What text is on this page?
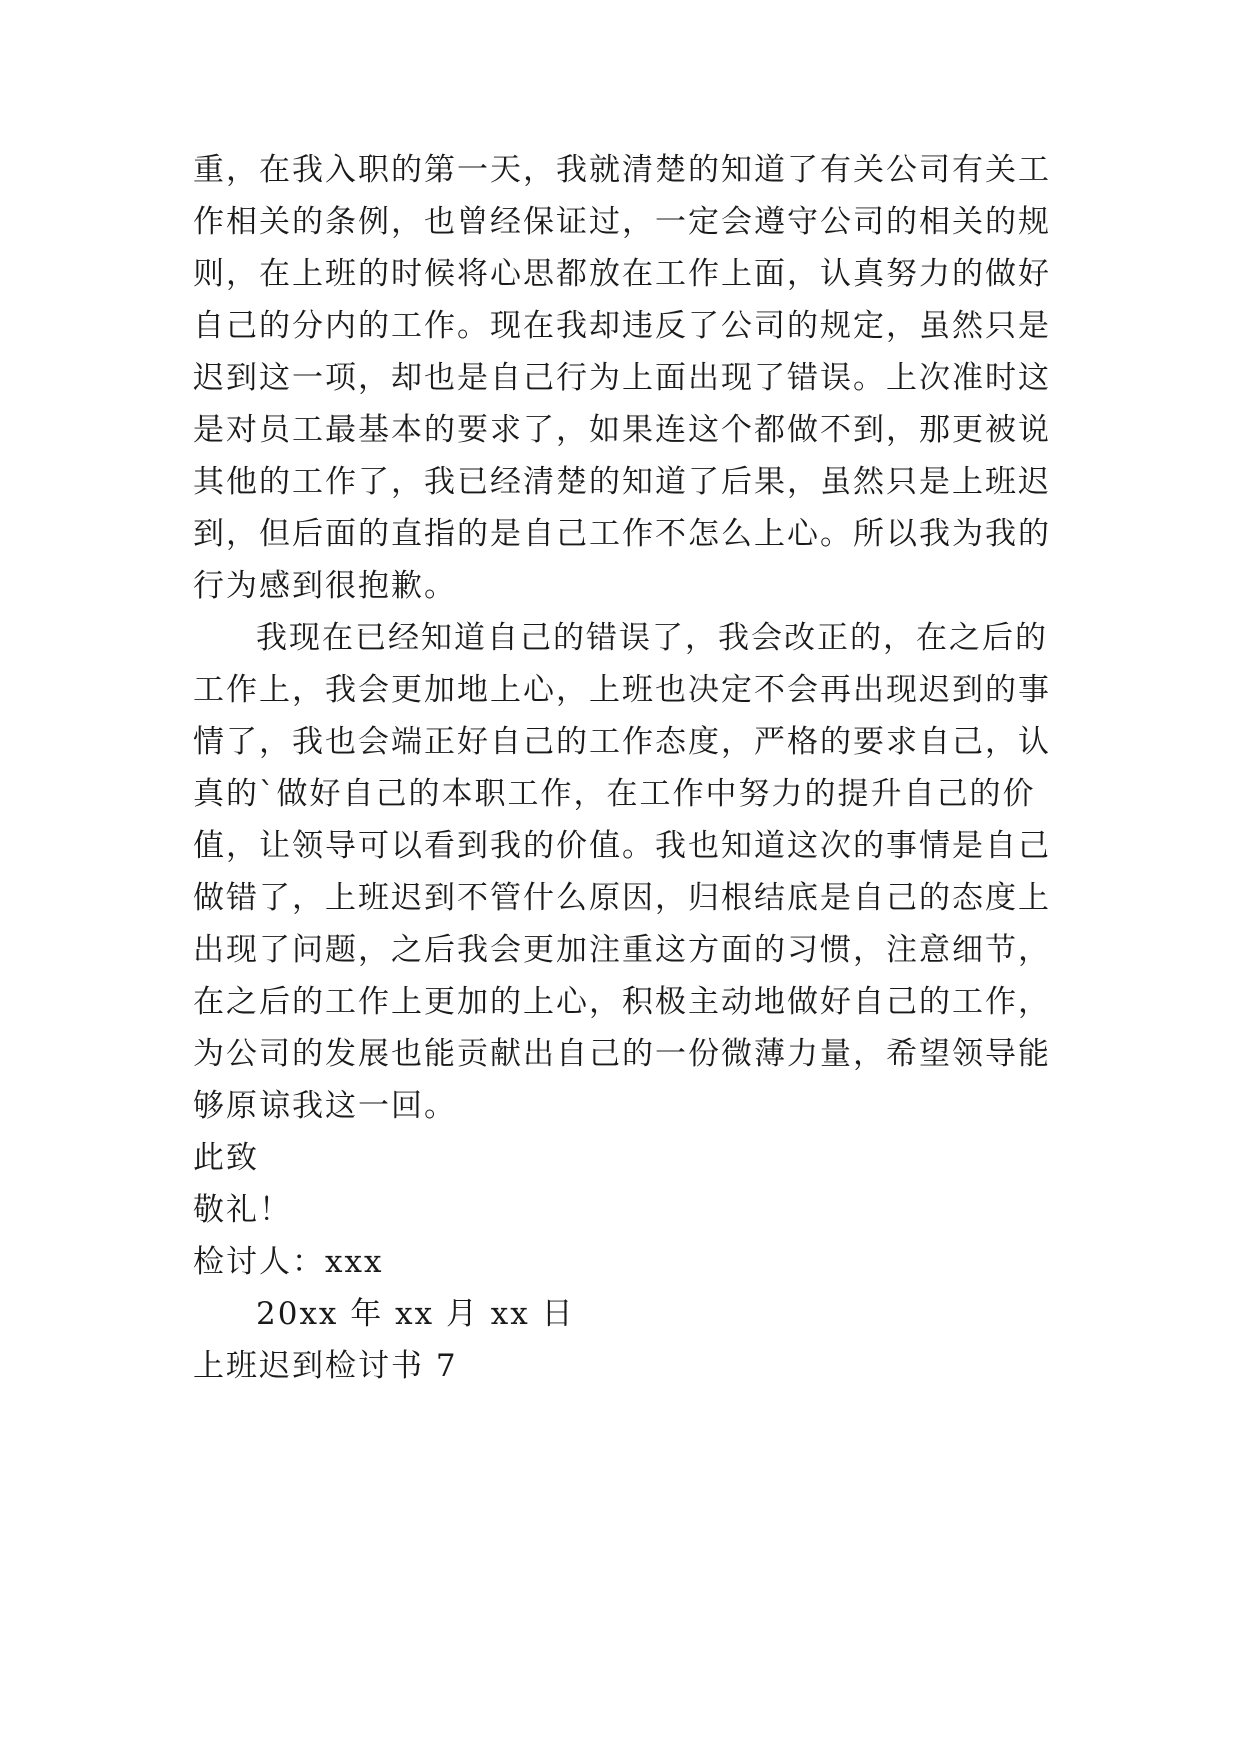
重，在我入职的第一天，我就清楚的知道了有关公司有关工
作相关的条例，也曾经保证过，一定会遵守公司的相关的规
则，在上班的时候将心思都放在工作上面，认真努力的做好
自己的分内的工作。现在我却违反了公司的规定，虽然只是
迟到这一项，却也是自己行为上面出现了错误。上次准时这
是对员工最基本的要求了，如果连这个都做不到，那更被说
其他的工作了，我已经清楚的知道了后果，虽然只是上班迟
到，但后面的直指的是自己工作不怎么上心。所以我为我的
行为感到很抱歉。
我现在已经知道自己的错误了，我会改正的，在之后的
工作上，我会更加地上心，上班也决定不会再出现迟到的事
情了，我也会端正好自己的工作态度，严格的要求自己，认
真的`做好自己的本职工作，在工作中努力的提升自己的价
值，让领导可以看到我的价值。我也知道这次的事情是自己
做错了，上班迟到不管什么原因，归根结底是自己的态度上
出现了问题，之后我会更加注重这方面的习惯，注意细节，
在之后的工作上更加的上心，积极主动地做好自己的工作，
为公司的发展也能贡献出自己的一份微薄力量，希望领导能
够原谅我这一回。
此致
敬礼！
检讨人：xxx
20xx 年 xx 月 xx 日
上班迟到检讨书 7
